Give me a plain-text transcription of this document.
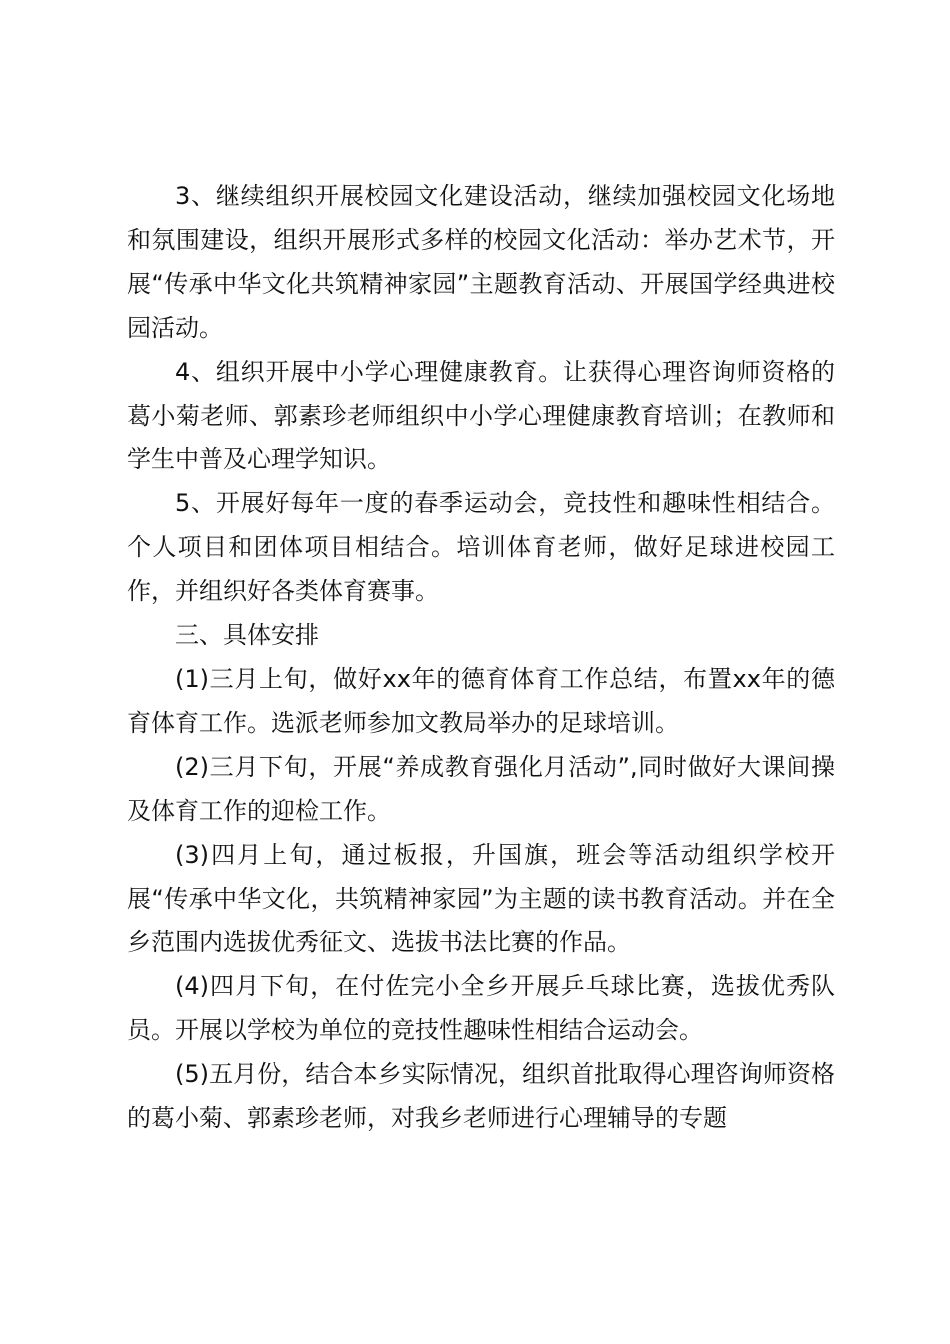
3、继续组织开展校园文化建设活动，继续加强校园文化场地和氛围建设，组织开展形式多样的校园文化活动：举办艺术节，开展“传承中华文化共筑精神家园”主题教育活动、开展国学经典进校园活动。

4、组织开展中小学心理健康教育。让获得心理咨询师资格的葛小菊老师、郭素珍老师组织中小学心理健康教育培训；在教师和学生中普及心理学知识。

5、开展好每年一度的春季运动会，竞技性和趣味性相结合。个人项目和团体项目相结合。培训体育老师，做好足球进校园工作，并组织好各类体育赛事。

三、具体安排

(1)三月上旬，做好xx年的德育体育工作总结，布置xx年的德育体育工作。选派老师参加文教局举办的足球培训。

(2)三月下旬，开展“养成教育强化月活动”,同时做好大课间操及体育工作的迎检工作。

(3)四月上旬，通过板报，升国旗，班会等活动组织学校开展“传承中华文化，共筑精神家园”为主题的读书教育活动。并在全乡范围内选拔优秀征文、选拔书法比赛的作品。

(4)四月下旬，在付佐完小全乡开展乒乓球比赛，选拔优秀队员。开展以学校为单位的竞技性趣味性相结合运动会。

(5)五月份，结合本乡实际情况，组织首批取得心理咨询师资格的葛小菊、郭素珍老师，对我乡老师进行心理辅导的专题
